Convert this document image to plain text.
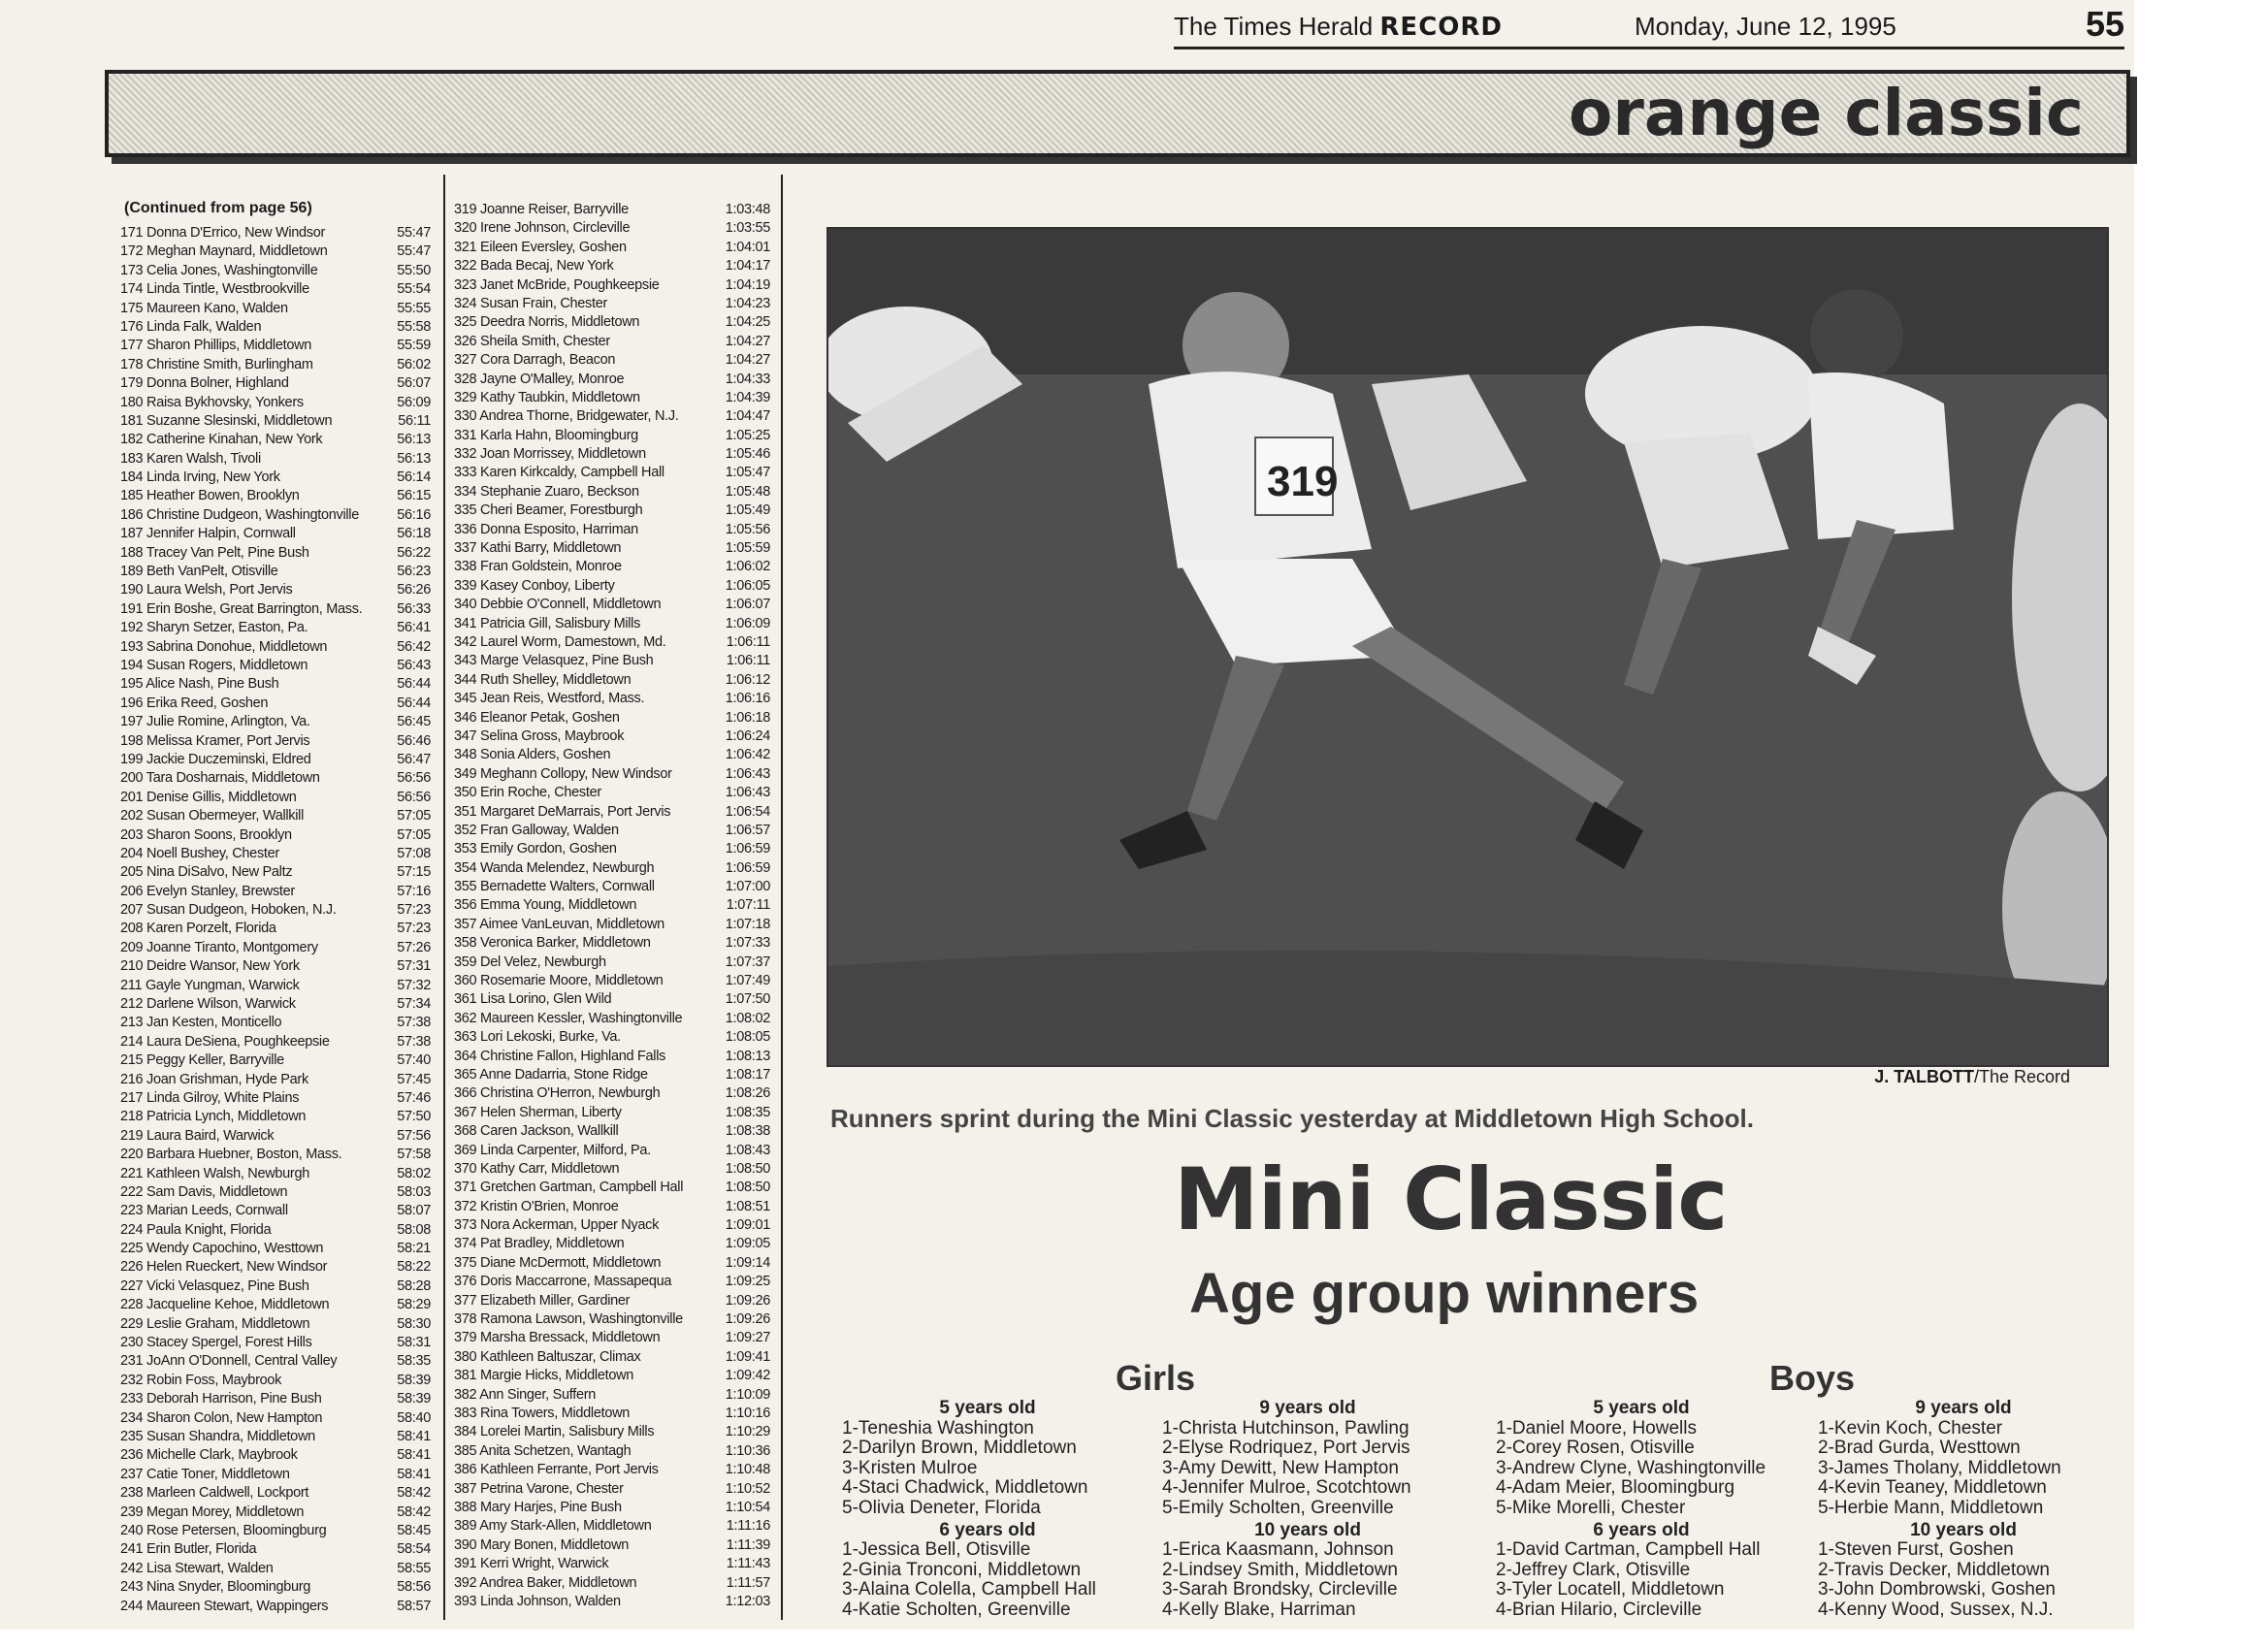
The Times Herald RECORD	Monday, June 12, 1995	55
orange classic
(Continued from page 56)
171 Donna D'Errico, New Windsor	55:47
172 Meghan Maynard, Middletown	55:47
173 Celia Jones, Washingtonville	55:50
174 Linda Tintle, Westbrookville	55:54
175 Maureen Kano, Walden	55:55
176 Linda Falk, Walden	55:58
177 Sharon Phillips, Middletown	55:59
178 Christine Smith, Burlingham	56:02
179 Donna Bolner, Highland	56:07
180 Raisa Bykhovsky, Yonkers	56:09
181 Suzanne Slesinski, Middletown	56:11
182 Catherine Kinahan, New York	56:13
183 Karen Walsh, Tivoli	56:13
184 Linda Irving, New York	56:14
185 Heather Bowen, Brooklyn	56:15
186 Christine Dudgeon, Washingtonville	56:16
187 Jennifer Halpin, Cornwall	56:18
188 Tracey Van Pelt, Pine Bush	56:22
189 Beth VanPelt, Otisville	56:23
190 Laura Welsh, Port Jervis	56:26
191 Erin Boshe, Great Barrington, Mass. 56:33
192 Sharyn Setzer, Easton, Pa.	56:41
193 Sabrina Donohue, Middletown	56:42
194 Susan Rogers, Middletown	56:43
195 Alice Nash, Pine Bush	56:44
196 Erika Reed, Goshen	56:44
197 Julie Romine, Arlington, Va.	56:45
198 Melissa Kramer, Port Jervis	56:46
199 Jackie Duczeminski, Eldred	56:47
200 Tara Dosharnais, Middletown	56:56
201 Denise Gillis, Middletown	56:56
202 Susan Obermeyer, Wallkill	57:05
203 Sharon Soons, Brooklyn	57:05
204 Noell Bushey, Chester	57:08
205 Nina DiSalvo, New Paltz	57:15
206 Evelyn Stanley, Brewster	57:16
207 Susan Dudgeon, Hoboken, N.J.	57:23
208 Karen Porzelt, Florida	57:23
209 Joanne Tiranto, Montgomery	57:26
210 Deidre Wansor, New York	57:31
211 Gayle Yungman, Warwick	57:32
212 Darlene Wilson, Warwick	57:34
213 Jan Kesten, Monticello	57:38
214 Laura DeSiena, Poughkeepsie	57:38
215 Peggy Keller, Barryville	57:40
216 Joan Grishman, Hyde Park	57:45
217 Linda Gilroy, White Plains	57:46
218 Patricia Lynch, Middletown	57:50
219 Laura Baird, Warwick	57:56
220 Barbara Huebner, Boston, Mass.	57:58
221 Kathleen Walsh, Newburgh	58:02
222 Sam Davis, Middletown	58:03
223 Marian Leeds, Cornwall	58:07
224 Paula Knight, Florida	58:08
225 Wendy Capochino, Westtown	58:21
226 Helen Rueckert, New Windsor	58:22
227 Vicki Velasquez, Pine Bush	58:28
228 Jacqueline Kehoe, Middletown	58:29
229 Leslie Graham, Middletown	58:30
230 Stacey Spergel, Forest Hills	58:31
231 JoAnn O'Donnell, Central Valley	58:35
232 Robin Foss, Maybrook	58:39
233 Deborah Harrison, Pine Bush	58:39
234 Sharon Colon, New Hampton	58:40
235 Susan Shandra, Middletown	58:41
236 Michelle Clark, Maybrook	58:41
237 Catie Toner, Middletown	58:41
238 Marleen Caldwell, Lockport	58:42
239 Megan Morey, Middletown	58:42
240 Rose Petersen, Bloomingburg	58:45
241 Erin Butler, Florida	58:54
242 Lisa Stewart, Walden	58:55
243 Nina Snyder, Bloomingburg	58:56
244 Maureen Stewart, Wappingers	58:57
319 Joanne Reiser, Barryville	1:03:48
320 Irene Johnson, Circleville	1:03:55
321 Eileen Eversley, Goshen	1:04:01
322 Bada Becaj, New York	1:04:17
323 Janet McBride, Poughkeepsie	1:04:19
324 Susan Frain, Chester	1:04:23
325 Deedra Norris, Middletown	1:04:25
326 Sheila Smith, Chester	1:04:27
327 Cora Darragh, Beacon	1:04:27
328 Jayne O'Malley, Monroe	1:04:33
329 Kathy Taubkin, Middletown	1:04:39
330 Andrea Thorne, Bridgewater, N.J.	1:04:47
331 Karla Hahn, Bloomingburg	1:05:25
332 Joan Morrissey, Middletown	1:05:46
333 Karen Kirkcaldy, Campbell Hall	1:05:47
334 Stephanie Zuaro, Beckson	1:05:48
335 Cheri Beamer, Forestburgh	1:05:49
336 Donna Esposito, Harriman	1:05:56
337 Kathi Barry, Middletown	1:05:59
338 Fran Goldstein, Monroe	1:06:02
339 Kasey Conboy, Liberty	1:06:05
340 Debbie O'Connell, Middletown	1:06:07
341 Patricia Gill, Salisbury Mills	1:06:09
342 Laurel Worm, Damestown, Md.	1:06:11
343 Marge Velasquez, Pine Bush	1:06:11
344 Ruth Shelley, Middletown	1:06:12
345 Jean Reis, Westford, Mass.	1:06:16
346 Eleanor Petak, Goshen	1:06:18
347 Selina Gross, Maybrook	1:06:24
348 Sonia Alders, Goshen	1:06:42
349 Meghann Collopy, New Windsor	1:06:43
350 Erin Roche, Chester	1:06:43
351 Margaret DeMarrais, Port Jervis	1:06:54
352 Fran Galloway, Walden	1:06:57
353 Emily Gordon, Goshen	1:06:59
354 Wanda Melendez, Newburgh	1:06:59
355 Bernadette Walters, Cornwall	1:07:00
356 Emma Young, Middletown	1:07:11
357 Aimee VanLeuvan, Middletown	1:07:18
358 Veronica Barker, Middletown	1:07:33
359 Del Velez, Newburgh	1:07:37
360 Rosemarie Moore, Middletown	1:07:49
361 Lisa Lorino, Glen Wild	1:07:50
362 Maureen Kessler, Washingtonville	1:08:02
363 Lori Lekoski, Burke, Va.	1:08:05
364 Christine Fallon, Highland Falls	1:08:13
365 Anne Dadarria, Stone Ridge	1:08:17
366 Christina O'Herron, Newburgh	1:08:26
367 Helen Sherman, Liberty	1:08:35
368 Caren Jackson, Wallkill	1:08:38
369 Linda Carpenter, Milford, Pa.	1:08:43
370 Kathy Carr, Middletown	1:08:50
371 Gretchen Gartman, Campbell Hall	1:08:50
372 Kristin O'Brien, Monroe	1:08:51
373 Nora Ackerman, Upper Nyack	1:09:01
374 Pat Bradley, Middletown	1:09:05
375 Diane McDermott, Middletown	1:09:14
376 Doris Maccarrone, Massapequa	1:09:25
377 Elizabeth Miller, Gardiner	1:09:26
378 Ramona Lawson, Washingtonville	1:09:26
379 Marsha Bressack, Middletown	1:09:27
380 Kathleen Baltuszar, Climax	1:09:41
381 Margie Hicks, Middletown	1:09:42
382 Ann Singer, Suffern	1:10:09
383 Rina Towers, Middletown	1:10:16
384 Lorelei Martin, Salisbury Mills	1:10:29
385 Anita Schetzen, Wantagh	1:10:36
386 Kathleen Ferrante, Port Jervis	1:10:48
387 Petrina Varone, Chester	1:10:52
388 Mary Harjes, Pine Bush	1:10:54
389 Amy Stark-Allen, Middletown	1:11:16
390 Mary Bonen, Middletown	1:11:39
391 Kerri Wright, Warwick	1:11:43
392 Andrea Baker, Middletown	1:11:57
393 Linda Johnson, Walden	1:12:03
319
J. TALBOTT/The Record
Runners sprint during the Mini Classic yesterday at Middletown High School.
Mini Classic
Age group winners
Girls	Boys
5 years old
1-Teneshia Washington
2-Darilyn Brown, Middletown
3-Kristen Mulroe
4-Staci Chadwick, Middletown
5-Olivia Deneter, Florida
6 years old
1-Jessica Bell, Otisville
2-Ginia Tronconi, Middletown
3-Alaina Colella, Campbell Hall
4-Katie Scholten, Greenville
9 years old
1-Christa Hutchinson, Pawling
2-Elyse Rodriquez, Port Jervis
3-Amy Dewitt, New Hampton
4-Jennifer Mulroe, Scotchtown
5-Emily Scholten, Greenville
10 years old
1-Erica Kaasmann, Johnson
2-Lindsey Smith, Middletown
3-Sarah Brondsky, Circleville
4-Kelly Blake, Harriman
5 years old
1-Daniel Moore, Howells
2-Corey Rosen, Otisville
3-Andrew Clyne, Washingtonville
4-Adam Meier, Bloomingburg
5-Mike Morelli, Chester
6 years old
1-David Cartman, Campbell Hall
2-Jeffrey Clark, Otisville
3-Tyler Locatell, Middletown
4-Brian Hilario, Circleville
9 years old
1-Kevin Koch, Chester
2-Brad Gurda, Westtown
3-James Tholany, Middletown
4-Kevin Teaney, Middletown
5-Herbie Mann, Middletown
10 years old
1-Steven Furst, Goshen
2-Travis Decker, Middletown
3-John Dombrowski, Goshen
4-Kenny Wood, Sussex, N.J.
